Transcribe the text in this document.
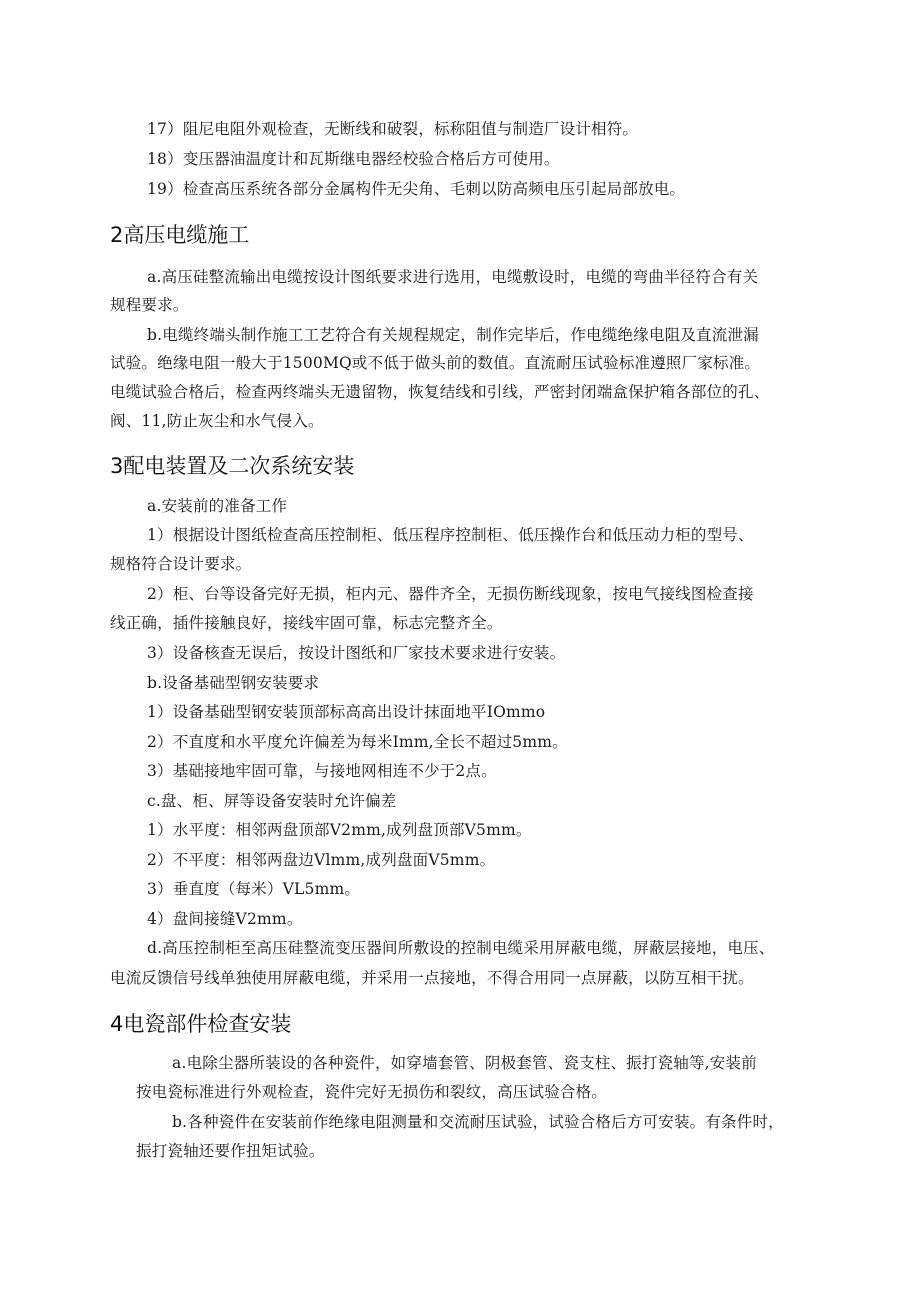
17）阻尼电阻外观检查，无断线和破裂，标称阻值与制造厂设计相符。
18）变压器油温度计和瓦斯继电器经校验合格后方可使用。
19）检查高压系统各部分金属构件无尖角、毛刺以防高频电压引起局部放电。
2高压电缆施工
a.高压硅整流输出电缆按设计图纸要求进行选用，电缆敷设时，电缆的弯曲半径符合有关
规程要求。
b.电缆终端头制作施工工艺符合有关规程规定，制作完毕后，作电缆绝缘电阻及直流泄漏
试验。绝缘电阻一般大于1500MQ或不低于做头前的数值。直流耐压试验标准遵照厂家标准。
电缆试验合格后，检查两终端头无遗留物，恢复结线和引线，严密封闭端盒保护箱各部位的孔、
阀、11,防止灰尘和水气侵入。
3配电装置及二次系统安装
a.安装前的准备工作
1）根据设计图纸检查高压控制柜、低压程序控制柜、低压操作台和低压动力柜的型号、
规格符合设计要求。
2）柜、台等设备完好无损，柜内元、器件齐全，无损伤断线现象，按电气接线图检查接
线正确，插件接触良好，接线牢固可靠，标志完整齐全。
3）设备核查无误后，按设计图纸和厂家技术要求进行安装。
b.设备基础型钢安装要求
1）设备基础型钢安装顶部标高高出设计抹面地平IOmmo
2）不直度和水平度允许偏差为每米Imm,全长不超过5mm。
3）基础接地牢固可靠，与接地网相连不少于2点。
c.盘、柜、屏等设备安装时允许偏差
1）水平度：相邻两盘顶部V2mm,成列盘顶部V5mm。
2）不平度：相邻两盘边Vlmm,成列盘面V5mm。
3）垂直度（每米）VL5mm。
4）盘间接缝V2mm。
d.高压控制柜至高压硅整流变压器间所敷设的控制电缆采用屏蔽电缆，屏蔽层接地，电压、
电流反馈信号线单独使用屏蔽电缆，并采用一点接地，不得合用同一点屏蔽，以防互相干扰。
4电瓷部件检查安装
a.电除尘器所装设的各种瓷件，如穿墙套管、阴极套管、瓷支柱、振打瓷轴等,安装前
按电瓷标准进行外观检查，瓷件完好无损伤和裂纹，高压试验合格。
b.各种瓷件在安装前作绝缘电阻测量和交流耐压试验，试验合格后方可安装。有条件时，
振打瓷轴还要作扭矩试验。
